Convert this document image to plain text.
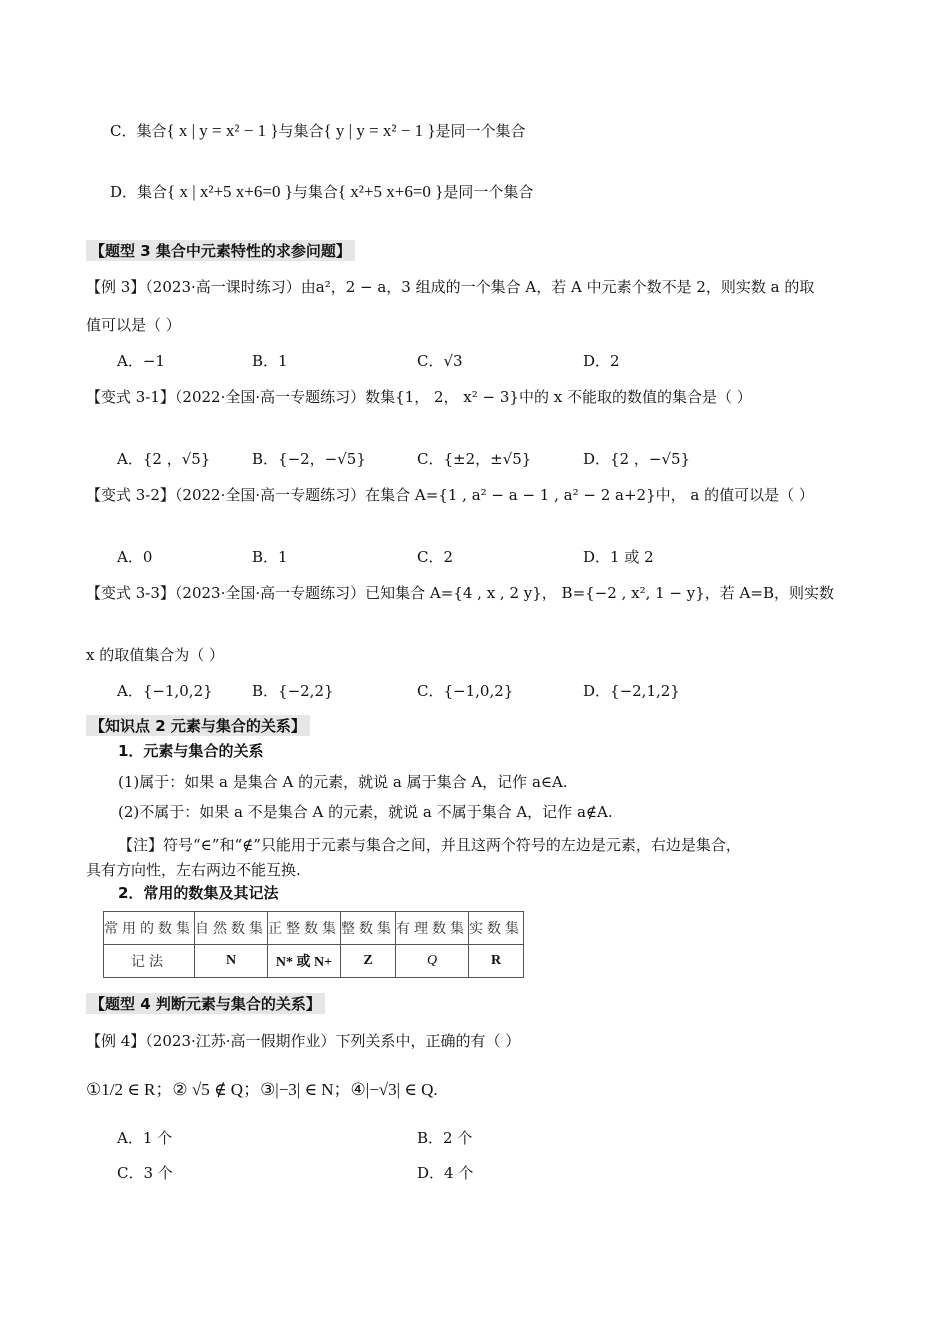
C．集合{ x | y = x² − 1 }与集合{ y | y = x² − 1 }是同一个集合
D．集合{ x | x²+5 x+6=0 }与集合{ x²+5 x+6=0 }是同一个集合
【题型 3 集合中元素特性的求参问题】
【例 3】（2023·高一课时练习）由a²，2 − a，3 组成的一个集合 A，若 A 中元素个数不是 2，则实数 a 的取
值可以是（ ）
A．−1	B．1	C．√3	D．2
【变式 3-1】（2022·全国·高一专题练习）数集{1， 2， x² − 3}中的 x 不能取的数值的集合是（ ）
A．{2 ，√5}	B．{−2，−√5}	C．{±2，±√5}	D．{2 ，−√5}
【变式 3-2】（2022·全国·高一专题练习）在集合 A={1 , a² − a − 1 , a² − 2 a+2}中， a 的值可以是（ ）
A．0	B．1	C．2	D．1 或 2
【变式 3-3】（2023·全国·高一专题练习）已知集合 A={4 , x , 2 y}， B={−2 , x², 1 − y}，若 A=B，则实数
x 的取值集合为（ ）
A．{−1,0,2}	B．{−2,2}	C．{−1,0,2}	D．{−2,1,2}
【知识点 2 元素与集合的关系】
1．元素与集合的关系
(1)属于：如果 a 是集合 A 的元素，就说 a 属于集合 A，记作 a∈A.
(2)不属于：如果 a 不是集合 A 的元素，就说 a 不属于集合 A，记作 a∉A.
【注】符号“∈”和“∉”只能用于元素与集合之间，并且这两个符号的左边是元素，右边是集合，
具有方向性，左右两边不能互换.
2．常用的数集及其记法
常用的数集	自然数集	正整数集	整数集	有理数集	实数集
记法	N	N* 或 N+	Z	Q	R
【题型 4 判断元素与集合的关系】
【例 4】（2023·江苏·高一假期作业）下列关系中，正确的有（ ）
①1/2 ∈ R；② √5 ∉ Q；③|−3| ∈ N；④|−√3| ∈ Q.
A．1 个	B．2 个
C．3 个	D．4 个
